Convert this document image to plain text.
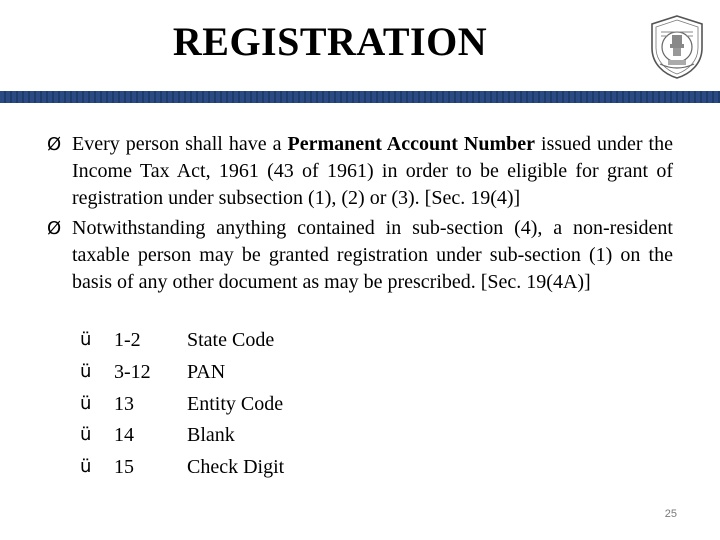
REGISTRATION
Ø Every person shall have a Permanent Account Number issued under the Income Tax Act, 1961 (43 of 1961) in order to be eligible for grant of registration under subsection (1), (2) or (3). [Sec. 19(4)]
Ø Notwithstanding anything contained in sub-section (4), a non-resident taxable person may be granted registration under sub-section (1) on the basis of any other document as may be prescribed. [Sec. 19(4A)]
ü 1-2 State Code
ü 3-12 PAN
ü 13	Entity Code
ü 14	Blank
ü 15	Check Digit
25
